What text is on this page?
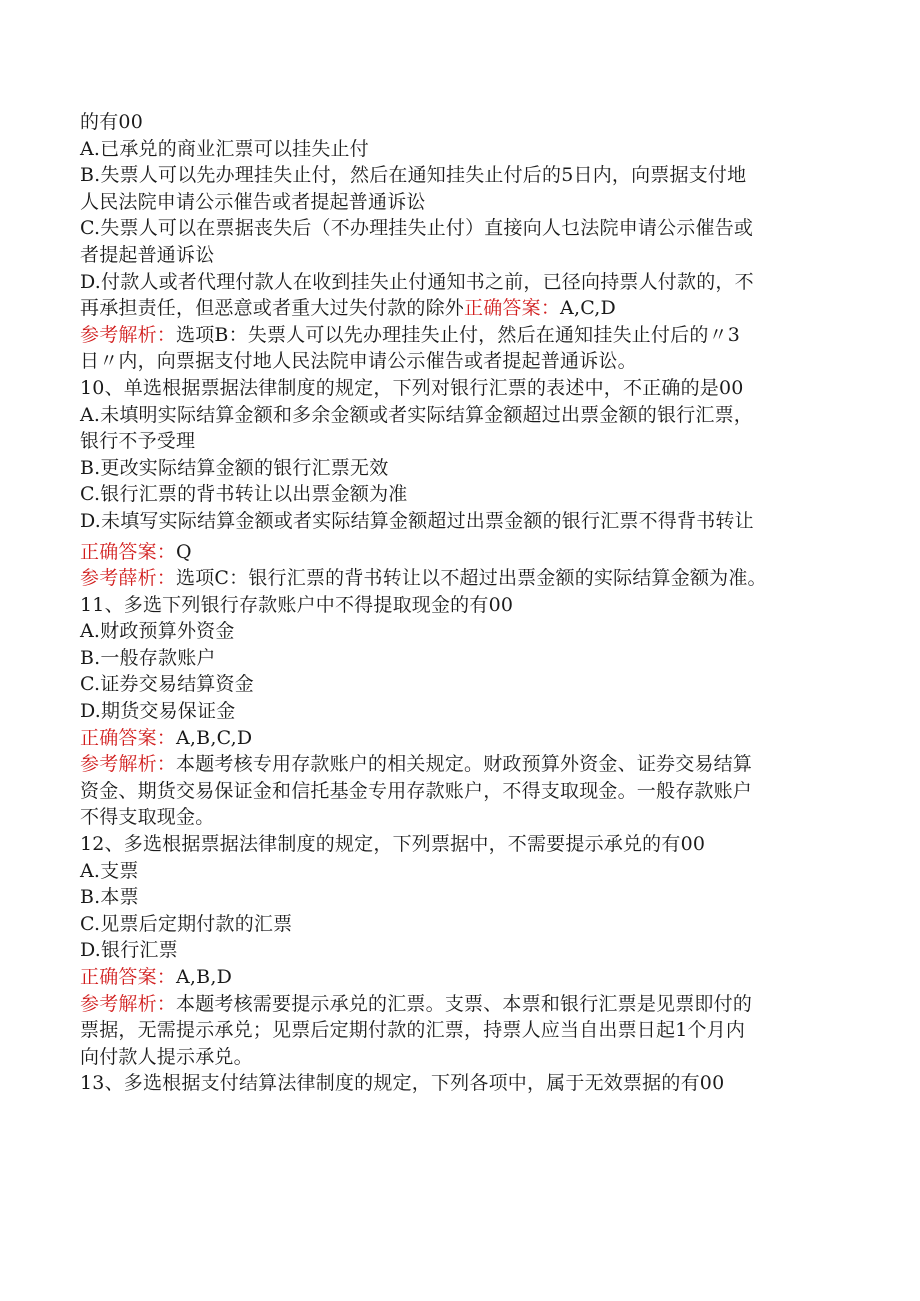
的有00
A.已承兑的商业汇票可以挂失止付
B.失票人可以先办理挂失止付，然后在通知挂失止付后的5日内，向票据支付地
人民法院申请公示催告或者提起普通诉讼
C.失票人可以在票据丧失后（不办理挂失止付）直接向人乜法院申请公示催告或
者提起普通诉讼
D.付款人或者代理付款人在收到挂失止付通知书之前，已径向持票人付款的，不
再承担责任，但恶意或者重大过失付款的除外正确答案：A,C,D
参考解析：选项B：失票人可以先办理挂失止付，然后在通知挂失止付后的〃3
日〃内，向票据支付地人民法院申请公示催告或者提起普通诉讼。
10、单选根据票据法律制度的规定，下列对银行汇票的表述中，不正确的是00
A.未填明实际结算金额和多余金额或者实际结算金额超过出票金额的银行汇票，
银行不予受理
B.更改实际结算金额的银行汇票无效
C.银行汇票的背书转让以出票金额为准
D.未填写实际结算金额或者实际结算金额超过出票金额的银行汇票不得背书转让
正确答案：Q
参考薛析：选项C：银行汇票的背书转让以不超过出票金额的实际结算金额为准。
11、多选下列银行存款账户中不得提取现金的有00
A.财政预算外资金
B.一般存款账户
C.证券交易结算资金
D.期货交易保证金
正确答案：A,B,C,D
参考解析：本题考核专用存款账户的相关规定。财政预算外资金、证券交易结算
资金、期货交易保证金和信托基金专用存款账户，不得支取现金。一般存款账户
不得支取现金。
12、多选根据票据法律制度的规定，下列票据中，不需要提示承兑的有00
A.支票
B.本票
C.见票后定期付款的汇票
D.银行汇票
正确答案：A,B,D
参考解析：本题考核需要提示承兑的汇票。支票、本票和银行汇票是见票即付的
票据，无需提示承兑；见票后定期付款的汇票，持票人应当自出票日起1个月内
向付款人提示承兑。
13、多选根据支付结算法律制度的规定，下列各项中，属于无效票据的有00
